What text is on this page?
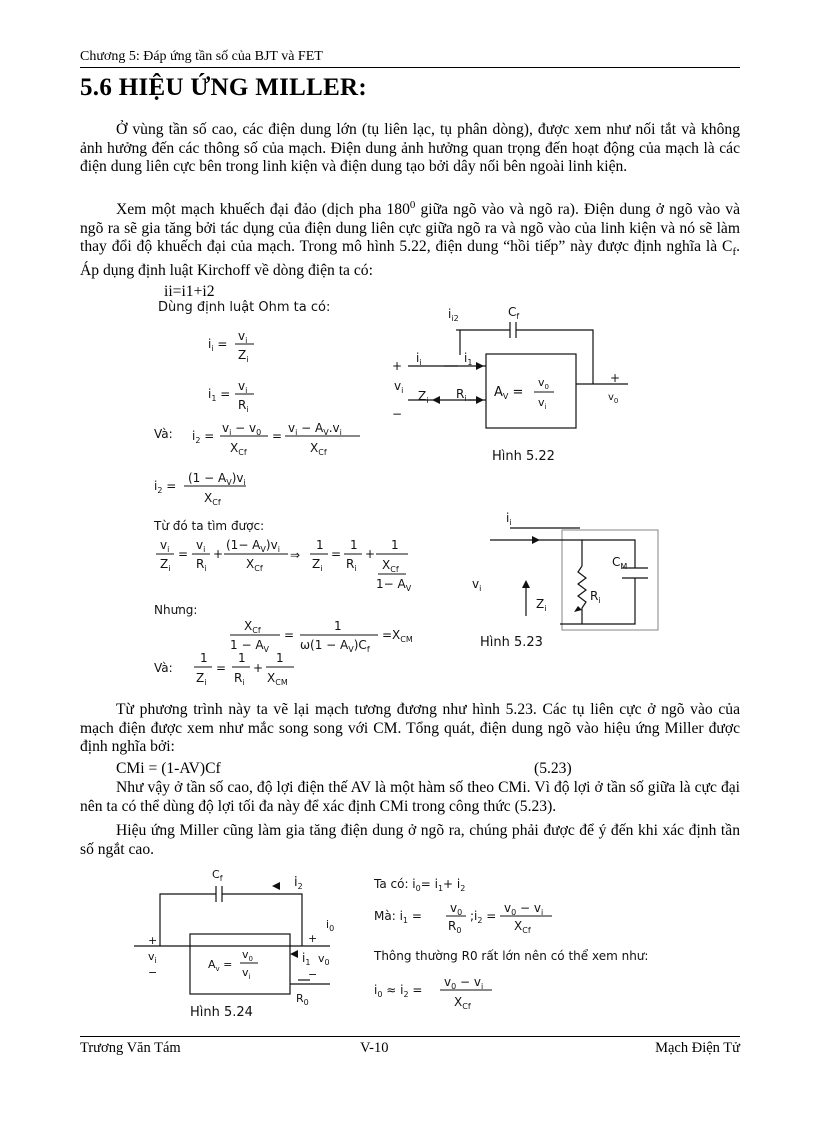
Chương 5: Đáp ứng tần số của BJT và FET
5.6 HIỆU ỨNG MILLER:

Ở vùng tần số cao, các điện dung lớn (tụ liên lạc, tụ phân dòng), được xem như nối tắt và không ảnh hưởng đến các thông số của mạch. Điện dung ảnh hưởng quan trọng đến hoạt động của mạch là các điện dung liên cực bên trong linh kiện và điện dung tạo bởi dây nối bên ngoài linh kiện.

Xem một mạch khuếch đại đảo (dịch pha $180^0$ giữa ngõ vào và ngõ ra). Điện dung ở ngõ vào và ngõ ra sẽ gia tăng bởi tác dụng của điện dung liên cực giữa ngõ ra và ngõ vào của linh kiện và nó sẽ làm thay đổi độ khuếch đại của mạch. Trong mô hình 5.22, điện dung “hồi tiếp” này được định nghĩa là $C_f$. Áp dụng định luật Kirchoff về dòng điện ta có:

ii=i1+i2
Dùng định luật Ohm ta có:
$i_i$ =
$v_i$
$Z_i$
$i_1$ =
$v_i$
$R_i$
Và: $i_2$ =
$v_i - v_0$
$X_{Cf}$
=
$v_i - A_V.v_i$
$X_{Cf}$
$i_2$ =
$(1 - A_V)v_i$
$X_{Cf}$
Từ đó ta tìm được:
$v_i$
$Z_i$
=
$v_i$
$R_i$
+
$(1- A_V)v_i$
$X_{Cf}$
⇒
1
$Z_i$
=
1
$R_i$
+
1
$X_{Cf}$
$1- A_V$
Nhưng:
$X_{Cf}$
$1 - A_V$
=
1
$\omega(1 - A_V)C_f$
$=X_{CM}$
Và:
1
$Z_i$
=
1
$R_i$
+
1
$X_{CM}$
$i_{i2}$	$C_f$
+
$i_i$	$i_1$
$v_i$ $Z_i$ $R_i$
−
$A_V$ =
$v_0$
$v_i$
+
$v_0$
Hình 5.22
$i_i$
$v_i$
$Z_i$
$R_i$
$C_M$
Hình 5.23

Từ phương trình này ta vẽ lại mạch tương đương như hình 5.23. Các tụ liên cực ở ngõ vào của mạch điện được xem như mắc song song với CM. Tổng quát, điện dung ngõ vào hiệu ứng Miller được định nghĩa bởi:

CMi = (1-AV)Cf	(5.23)

Như vậy ở tần số cao, độ lợi điện thế AV là một hàm số theo CMi. Vì độ lợi ở tần số giữa là cực đại nên ta có thể dùng độ lợi tối đa này để xác định CMi trong công thức (5.23).

Hiệu ứng Miller cũng làm gia tăng điện dung ở ngõ ra, chúng phải được để ý đến khi xác định tần số ngắt cao.

$C_f$	$i_2$
$i_0$
+
$v_i$
−
$A_v$ =
$v_0$
$v_i$
+
$i_1$ $v_0$
−
$R_0$
Hình 5.24
Ta có: $i_0= i_1+ i_2$
Mà: $i_1$ =
$v_0$
$R_0$
$;i_2$ =
$v_0 - v_i$
$X_{Cf}$
Thông thường R0 rất lớn nên có thể xem như:
$i_0 \approx i_2$ =
$v_0 - v_i$
$X_{Cf}$
Trương Văn Tám	V-10	Mạch Điện Tử
